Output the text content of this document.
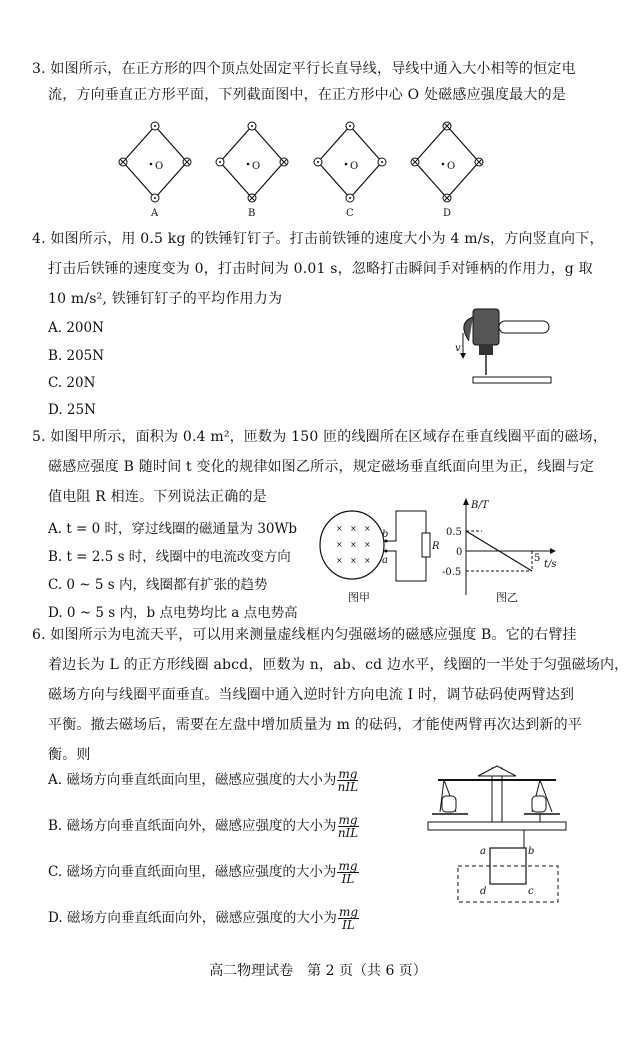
3. 如图所示，在正方形的四个顶点处固定平行长直导线，导线中通入大小相等的恒定电
流，方向垂直正方形平面，下列截面图中，在正方形中心 O 处磁感应强度最大的是
O
A
O
B
O
C
O
D
4. 如图所示，用 0.5 kg 的铁锤钉钉子。打击前铁锤的速度大小为 4 m/s，方向竖直向下，
打击后铁锤的速度变为 0，打击时间为 0.01 s，忽略打击瞬间手对锤柄的作用力，g 取
10 m/s², 铁锤钉钉子的平均作用力为
A. 200N
B. 205N
C. 20N
D. 25N
v
5. 如图甲所示，面积为 0.4 m²，匝数为 150 匝的线圈所在区域存在垂直线圈平面的磁场，
磁感应强度 B 随时间 t 变化的规律如图乙所示，规定磁场垂直纸面向里为正，线圈与定
值电阻 R 相连。下列说法正确的是
A. t = 0 时，穿过线圈的磁通量为 30Wb
B. t = 2.5 s 时，线圈中的电流改变方向
C. 0 ~ 5 s 内，线圈都有扩张的趋势
D. 0 ~ 5 s 内，b 点电势均比 a 点电势高
× × ×
× × ×
× × ×
b
a
R
图甲
B/T
t/s
0.5
0
-0.5
5
图乙
6. 如图所示为电流天平，可以用来测量虚线框内匀强磁场的磁感应强度 B。它的右臂挂
着边长为 L 的正方形线圈 abcd，匝数为 n，ab、cd 边水平，线圈的一半处于匀强磁场内，
磁场方向与线圈平面垂直。当线圈中通入逆时针方向电流 I 时，调节砝码使两臂达到
平衡。撤去磁场后，需要在左盘中增加质量为 m 的砝码，才能使两臂再次达到新的平
衡。则
A. 磁场方向垂直纸面向里，磁感应强度的大小为 $\frac{mg}{\text{nIL}}$
B. 磁场方向垂直纸面向外，磁感应强度的大小为 $\frac{mg}{\text{nIL}}$
C. 磁场方向垂直纸面向里，磁感应强度的大小为 $\frac{mg}{IL}$
D. 磁场方向垂直纸面向外，磁感应强度的大小为 $\frac{mg}{IL}$
a	b
c
d
高二物理试卷　第 2 页（共 6 页）
